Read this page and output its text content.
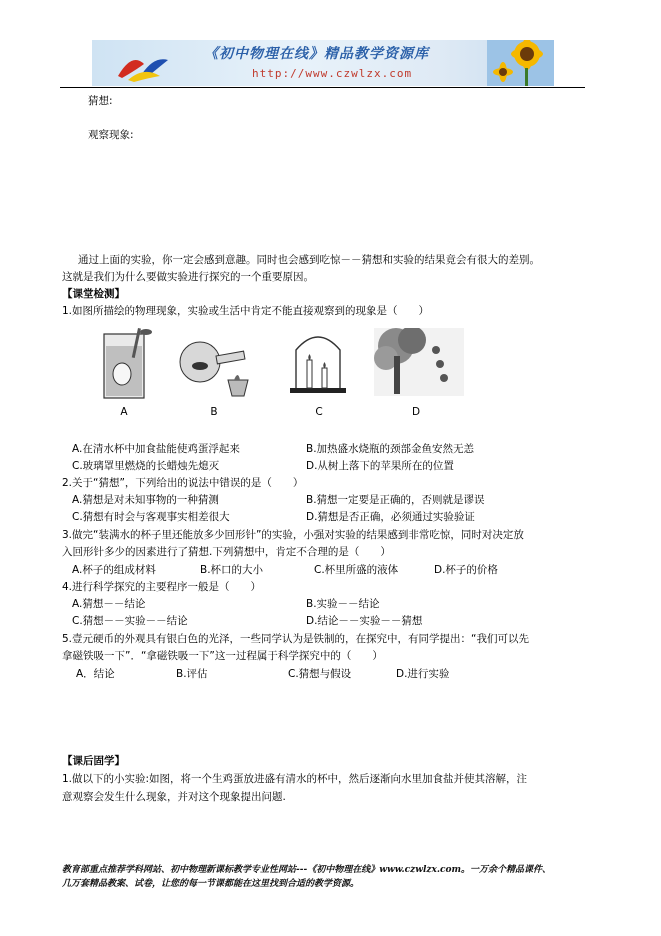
《初中物理在线》精品教学资源库
http://www.czwlzx.com
猜想:
观察现象:
通过上面的实验，你一定会感到意趣。同时也会感到吃惊－－猜想和实验的结果竟会有很大的差别。
这就是我们为什么要做实验进行探究的一个重要原因。
【课堂检测】
1.如图所描绘的物理现象，实验或生活中肯定不能直接观察到的现象是（　　）
A	B	C	D
A.在清水杯中加食盐能使鸡蛋浮起来	B.加热盛水烧瓶的颈部金鱼安然无恙
C.玻璃罩里燃烧的长蜡烛先熄灭	D.从树上落下的苹果所在的位置
2.关于“猜想”，下列给出的说法中错误的是（　　）
A.猜想是对未知事物的一种猜测	B.猜想一定要是正确的，否则就是谬误
C.猜想有时会与客观事实相差很大	D.猜想是否正确，必须通过实验验证
3.做完“装满水的杯子里还能放多少回形针”的实验，小强对实验的结果感到非常吃惊，同时对决定放
入回形针多少的因素进行了猜想.下列猜想中，肯定不合理的是（　　）
A.杯子的组成材料	B.杯口的大小	C.杯里所盛的液体	D.杯子的价格
4.进行科学探究的主要程序一般是（　　）
A.猜想－－结论	B.实验－－结论
C.猜想－－实验－－结论	D.结论－－实验－－猜想
5.壹元硬币的外观具有银白色的光泽，一些同学认为是铁制的，在探究中，有同学提出：“我们可以先
拿磁铁吸一下”．“拿磁铁吸一下”这一过程属于科学探究中的（　　）
A．结论	B.评估	C.猜想与假设	D.进行实验
【课后固学】
1.做以下的小实验:如图，将一个生鸡蛋放进盛有清水的杯中，然后逐渐向水里加食盐并使其溶解，注
意观察会发生什么现象，并对这个现象提出问题.
教育部重点推荐学科网站、初中物理新课标教学专业性网站---《初中物理在线》www.czwlzx.com。一万余个精品课件、
几万套精品教案、试卷，让您的每一节课都能在这里找到合适的教学资源。
